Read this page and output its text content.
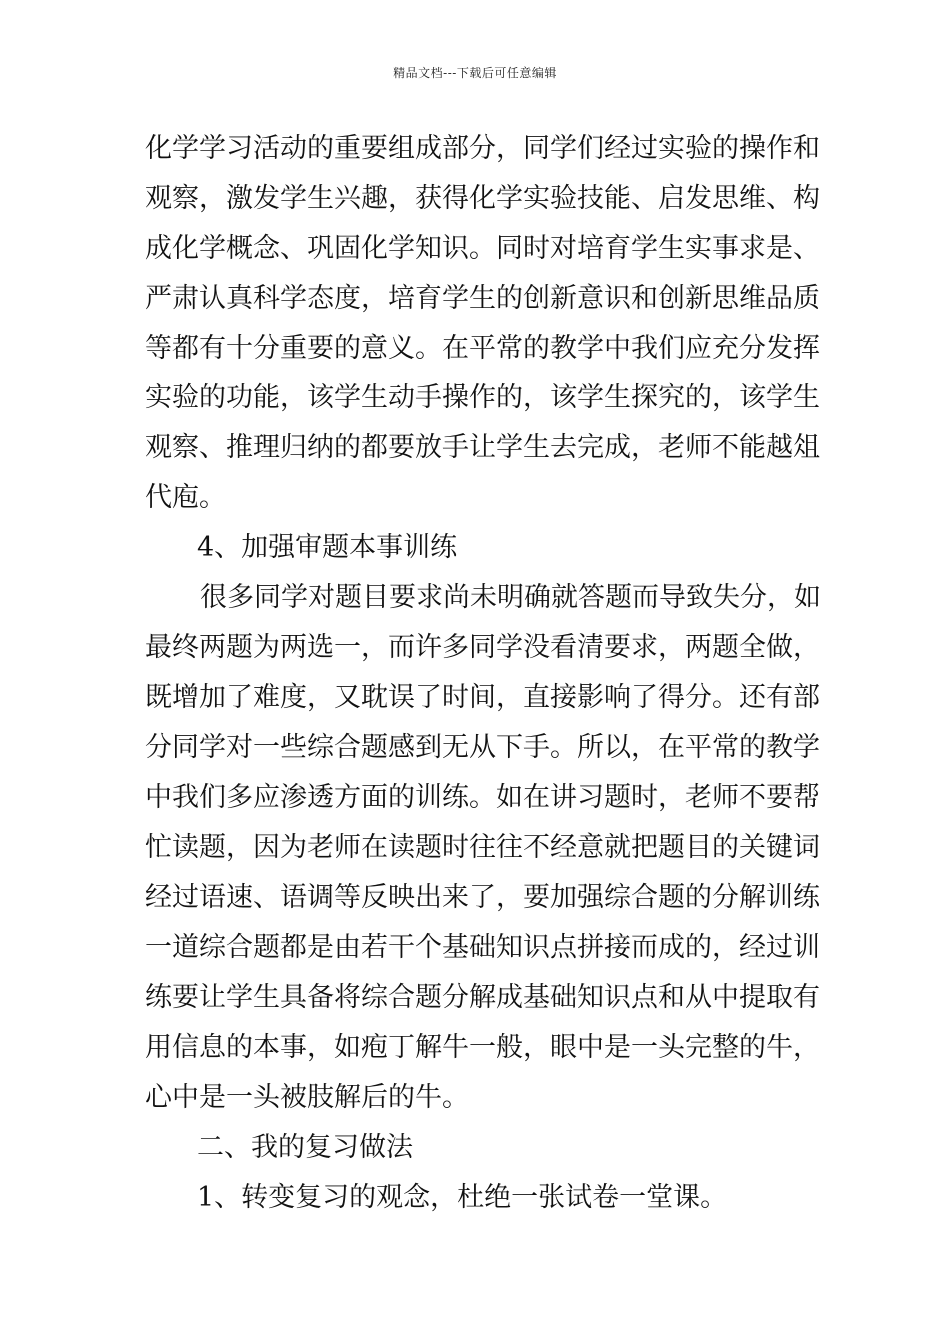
精品文档---下载后可任意编辑
化学学习活动的重要组成部分，同学们经过实验的操作和
观察，激发学生兴趣，获得化学实验技能、启发思维、构
成化学概念、巩固化学知识。同时对培育学生实事求是、
严肃认真科学态度，培育学生的创新意识和创新思维品质
等都有十分重要的意义。在平常的教学中我们应充分发挥
实验的功能，该学生动手操作的，该学生探究的，该学生
观察、推理归纳的都要放手让学生去完成，老师不能越俎
代庖。
4、加强审题本事训练
很多同学对题目要求尚未明确就答题而导致失分，如
最终两题为两选一，而许多同学没看清要求，两题全做，
既增加了难度，又耽误了时间，直接影响了得分。还有部
分同学对一些综合题感到无从下手。所以，在平常的教学
中我们多应渗透方面的训练。如在讲习题时，老师不要帮
忙读题，因为老师在读题时往往不经意就把题目的关键词
经过语速、语调等反映出来了，要加强综合题的分解训练
一道综合题都是由若干个基础知识点拼接而成的，经过训
练要让学生具备将综合题分解成基础知识点和从中提取有
用信息的本事，如疱丁解牛一般，眼中是一头完整的牛，
心中是一头被肢解后的牛。
二、我的复习做法
1、转变复习的观念，杜绝一张试卷一堂课。
